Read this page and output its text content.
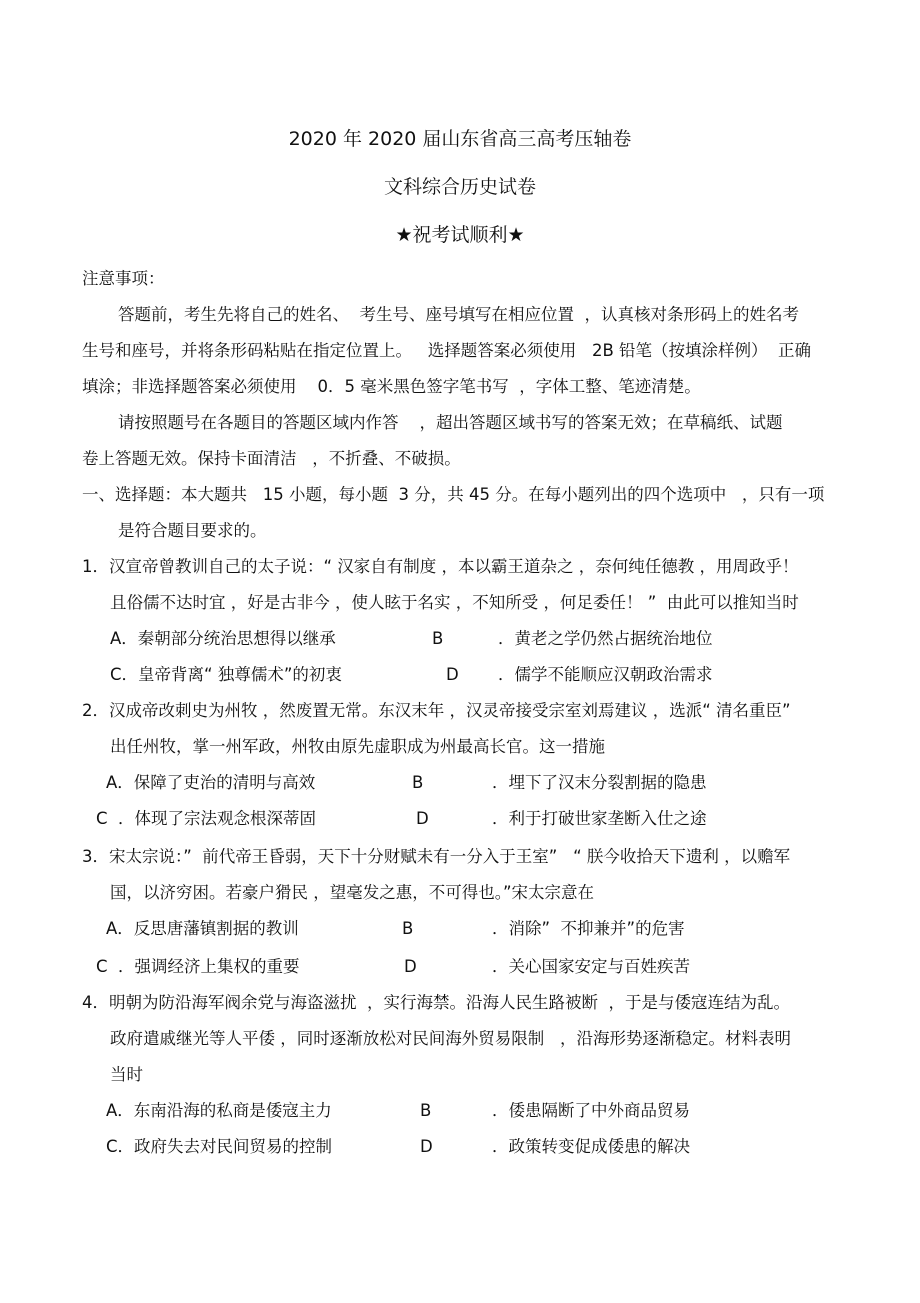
2020 年 2020 届山东省高三高考压轴卷
文科综合历史试卷
★祝考试顺利★
注意事项：
答题前，考生先将自己的姓名、  考生号、座号填写在相应位置  ，认真核对条形码上的姓名考
生号和座号，并将条形码粘贴在指定位置上。   选择题答案必须使用   2B 铅笔（按填涂样例）  正确
填涂；非选择题答案必须使用    0．5 毫米黑色签字笔书写  ，字体工整、笔迹清楚。
请按照题号在各题目的答题区域内作答    ，超出答题区域书写的答案无效；在草稿纸、试题
卷上答题无效。保持卡面清洁   ，不折叠、不破损。
一、选择题：本大题共   15 小题，每小题  3 分，共 45 分。在每小题列出的四个选项中   ，只有一项
是符合题目要求的。
1．汉宣帝曾教训自己的太子说：“ 汉家自有制度 ，本以霸王道杂之 ，奈何纯任德教 ，用周政乎！
且俗儒不达时宜 ，好是古非今 ，使人眩于名实 ，不知所受 ，何足委任！ ”  由此可以推知当时
A．秦朝部分统治思想得以继承	B	．黄老之学仍然占据统治地位
C．皇帝背离“ 独尊儒术”的初衷	D ．儒学不能顺应汉朝政治需求
2．汉成帝改刺史为州牧 ，然废置无常。东汉末年 ，汉灵帝接受宗室刘焉建议 ，选派“ 清名重臣”
出任州牧，掌一州军政，州牧由原先虚职成为州最高长官。这一措施
A．保障了吏治的清明与高效	B	．埋下了汉末分裂割据的隐患
C  ．体现了宗法观念根深蒂固	D	．利于打破世家垄断入仕之途
3．宋太宗说：”  前代帝王昏弱，天下十分财赋未有一分入于王室”   “ 朕今收拾天下遗利 ，以赡军
国，以济穷困。若豪户猾民 ，望毫发之惠，不可得也。”宋太宗意在
A．反思唐藩镇割据的教训	B	．消除”  不抑兼并”的危害
C  ．强调经济上集权的重要	D	．关心国家安定与百姓疾苦
4．明朝为防沿海军阀余党与海盗滋扰  ，实行海禁。沿海人民生路被断  ，于是与倭寇连结为乱。
政府遣戚继光等人平倭 ，同时逐渐放松对民间海外贸易限制   ，沿海形势逐渐稳定。材料表明
当时
A．东南沿海的私商是倭寇主力	B	．倭患隔断了中外商品贸易
C．政府失去对民间贸易的控制	D	．政策转变促成倭患的解决
